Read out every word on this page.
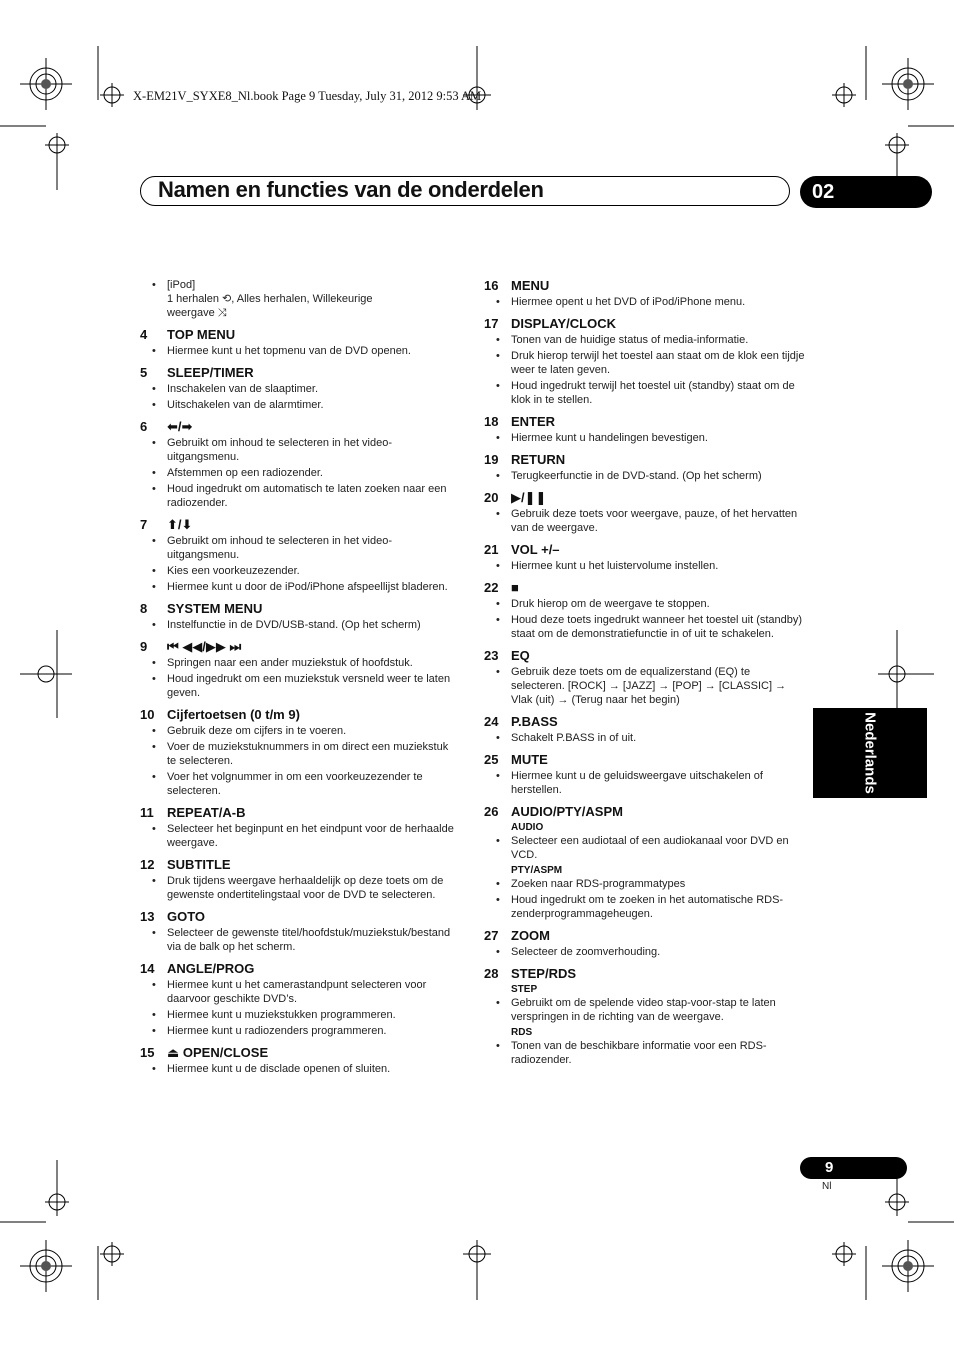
X-EM21V_SYXE8_Nl.book Page 9 Tuesday, July 31, 2012 9:53 AM
Namen en functies van de onderdelen	02
Nederlands
• [iPod]
1 herhalen ⟲, Alles herhalen, Willekeurige
weergave ⤨
4	TOP MENU
• Hiermee kunt u het topmenu van de DVD openen.
5	SLEEP/TIMER
• Inschakelen van de slaaptimer.
• Uitschakelen van de alarmtimer.
6	⬅/➡
• Gebruikt om inhoud te selecteren in het video-uitgangsmenu.
• Afstemmen op een radiozender.
• Houd ingedrukt om automatisch te laten zoeken naar een radiozender.
7	⬆/⬇
• Gebruikt om inhoud te selecteren in het video-uitgangsmenu.
• Kies een voorkeuzezender.
• Hiermee kunt u door de iPod/iPhone afspeellijst bladeren.
8	SYSTEM MENU
• Instelfunctie in de DVD/USB-stand. (Op het scherm)
9	⏮ ◀◀/▶▶ ⏭
• Springen naar een ander muziekstuk of hoofdstuk.
• Houd ingedrukt om een muziekstuk versneld weer te laten geven.
10 Cijfertoetsen (0 t/m 9)
• Gebruik deze om cijfers in te voeren.
• Voer de muziekstuknummers in om direct een muziekstuk te selecteren.
• Voer het volgnummer in om een voorkeuzezender te selecteren.
11	REPEAT/A-B
• Selecteer het beginpunt en het eindpunt voor de herhaalde weergave.
12 SUBTITLE
• Druk tijdens weergave herhaaldelijk op deze toets om de gewenste ondertitelingstaal voor de DVD te selecteren.
13 GOTO
• Selecteer de gewenste titel/hoofdstuk/muziekstuk/bestand via de balk op het scherm.
14 ANGLE/PROG
• Hiermee kunt u het camerastandpunt selecteren voor daarvoor geschikte DVD’s.
• Hiermee kunt u muziekstukken programmeren.
• Hiermee kunt u radiozenders programmeren.
15 ⏏ OPEN/CLOSE
• Hiermee kunt u de disclade openen of sluiten.
16 MENU
• Hiermee opent u het DVD of iPod/iPhone menu.
17 DISPLAY/CLOCK
• Tonen van de huidige status of media-informatie.
• Druk hierop terwijl het toestel aan staat om de klok een tijdje weer te laten geven.
• Houd ingedrukt terwijl het toestel uit (standby) staat om de klok in te stellen.
18 ENTER
• Hiermee kunt u handelingen bevestigen.
19 RETURN
• Terugkeerfunctie in de DVD-stand. (Op het scherm)
20 ▶/❚❚
• Gebruik deze toets voor weergave, pauze, of het hervatten van de weergave.
21 VOL +/–
• Hiermee kunt u het luistervolume instellen.
22 ■
• Druk hierop om de weergave te stoppen.
• Houd deze toets ingedrukt wanneer het toestel uit (standby) staat om de demonstratiefunctie in of uit te schakelen.
23 EQ
• Gebruik deze toets om de equalizerstand (EQ) te selecteren. [ROCK] → [JAZZ] → [POP] → [CLASSIC] → Vlak (uit) → (Terug naar het begin)
24 P.BASS
• Schakelt P.BASS in of uit.
25 MUTE
• Hiermee kunt u de geluidsweergave uitschakelen of herstellen.
26 AUDIO/PTY/ASPM
AUDIO
• Selecteer een audiotaal of een audiokanaal voor DVD en VCD.
PTY/ASPM
• Zoeken naar RDS-programmatypes
• Houd ingedrukt om te zoeken in het automatische RDS-zenderprogrammageheugen.
27 ZOOM
• Selecteer de zoomverhouding.
28 STEP/RDS
STEP
• Gebruikt om de spelende video stap-voor-stap te laten verspringen in de richting van de weergave.
RDS
• Tonen van de beschikbare informatie voor een RDS-radiozender.
9
Nl
